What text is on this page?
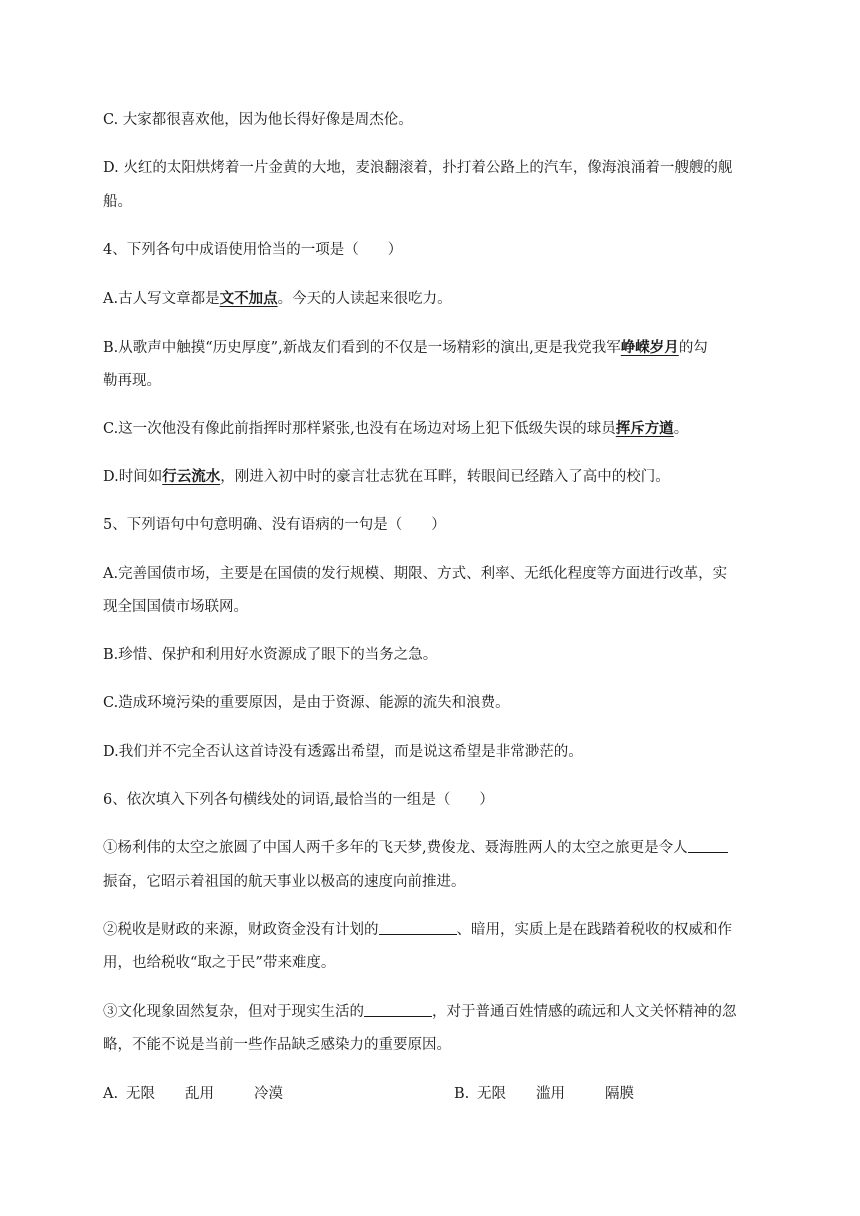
C. 大家都很喜欢他，因为他长得好像是周杰伦。
D. 火红的太阳烘烤着一片金黄的大地，麦浪翻滚着，扑打着公路上的汽车，像海浪涌着一艘艘的舰
船。
4、下列各句中成语使用恰当的一项是（　　）
A.古人写文章都是文不加点。今天的人读起来很吃力。
B.从歌声中触摸“历史厚度”,新战友们看到的不仅是一场精彩的演出,更是我党我军峥嵘岁月的勾
勒再现。
C.这一次他没有像此前指挥时那样紧张,也没有在场边对场上犯下低级失误的球员挥斥方遒。
D.时间如行云流水，刚进入初中时的豪言壮志犹在耳畔，转眼间已经踏入了高中的校门。
5、下列语句中句意明确、没有语病的一句是（　　）
A.完善国债市场，主要是在国债的发行规模、期限、方式、利率、无纸化程度等方面进行改革，实
现全国国债市场联网。
B.珍惜、保护和利用好水资源成了眼下的当务之急。
C.造成环境污染的重要原因，是由于资源、能源的流失和浪费。
D.我们并不完全否认这首诗没有透露出希望，而是说这希望是非常渺茫的。
6、依次填入下列各句横线处的词语,最恰当的一组是（　　）
①杨利伟的太空之旅圆了中国人两千多年的飞天梦,费俊龙、聂海胜两人的太空之旅更是令人
振奋，它昭示着祖国的航天事业以极高的速度向前推进。
②税收是财政的来源，财政资金没有计划的	、暗用，实质上是在践踏着税收的权威和作
用，也给税收“取之于民”带来难度。
③文化现象固然复杂，但对于现实生活的	，对于普通百姓情感的疏远和人文关怀精神的忽
略，不能不说是当前一些作品缺乏感染力的重要原因。
A. 无限 乱用	冷漠	B. 无限 滥用	隔膜
